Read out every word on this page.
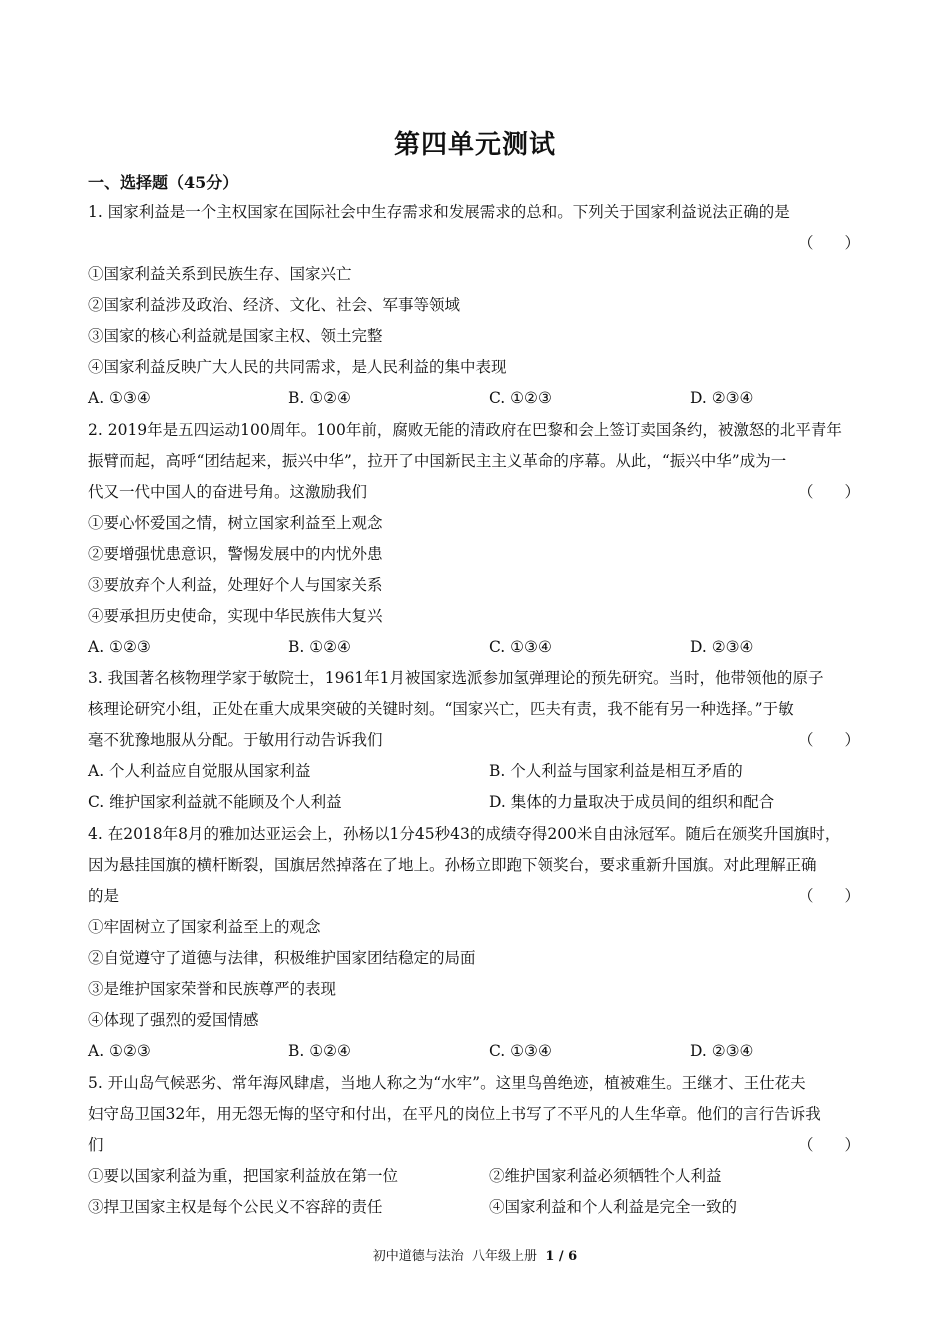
第四单元测试
一、选择题（45分）
1. 国家利益是一个主权国家在国际社会中生存需求和发展需求的总和。下列关于国家利益说法正确的是
（　　）
①国家利益关系到民族生存、国家兴亡
②国家利益涉及政治、经济、文化、社会、军事等领域
③国家的核心利益就是国家主权、领土完整
④国家利益反映广大人民的共同需求，是人民利益的集中表现
A. ①③④	B. ①②④	C. ①②③	D. ②③④
2. 2019年是五四运动100周年。100年前，腐败无能的清政府在巴黎和会上签订卖国条约，被激怒的北平青年
振臂而起，高呼“团结起来，振兴中华”，拉开了中国新民主主义革命的序幕。从此，“振兴中华”成为一
代又一代中国人的奋进号角。这激励我们	（　　）
①要心怀爱国之情，树立国家利益至上观念
②要增强忧患意识，警惕发展中的内忧外患
③要放弃个人利益，处理好个人与国家关系
④要承担历史使命，实现中华民族伟大复兴
A. ①②③	B. ①②④	C. ①③④	D. ②③④
3. 我国著名核物理学家于敏院士，1961年1月被国家选派参加氢弹理论的预先研究。当时，他带领他的原子
核理论研究小组，正处在重大成果突破的关键时刻。“国家兴亡，匹夫有责，我不能有另一种选择。”于敏
毫不犹豫地服从分配。于敏用行动告诉我们	（　　）
A. 个人利益应自觉服从国家利益	B. 个人利益与国家利益是相互矛盾的
C. 维护国家利益就不能顾及个人利益	D. 集体的力量取决于成员间的组织和配合
4. 在2018年8月的雅加达亚运会上，孙杨以1分45秒43的成绩夺得200米自由泳冠军。随后在颁奖升国旗时，
因为悬挂国旗的横杆断裂，国旗居然掉落在了地上。孙杨立即跑下领奖台，要求重新升国旗。对此理解正确
的是	（　　）
①牢固树立了国家利益至上的观念
②自觉遵守了道德与法律，积极维护国家团结稳定的局面
③是维护国家荣誉和民族尊严的表现
④体现了强烈的爱国情感
A. ①②③	B. ①②④	C. ①③④	D. ②③④
5. 开山岛气候恶劣、常年海风肆虐，当地人称之为“水牢”。这里鸟兽绝迹，植被难生。王继才、王仕花夫
妇守岛卫国32年，用无怨无悔的坚守和付出，在平凡的岗位上书写了不平凡的人生华章。他们的言行告诉我
们	（　　）
①要以国家利益为重，把国家利益放在第一位	②维护国家利益必须牺牲个人利益
③捍卫国家主权是每个公民义不容辞的责任	④国家利益和个人利益是完全一致的
初中道德与法治  八年级上册  1 / 6
